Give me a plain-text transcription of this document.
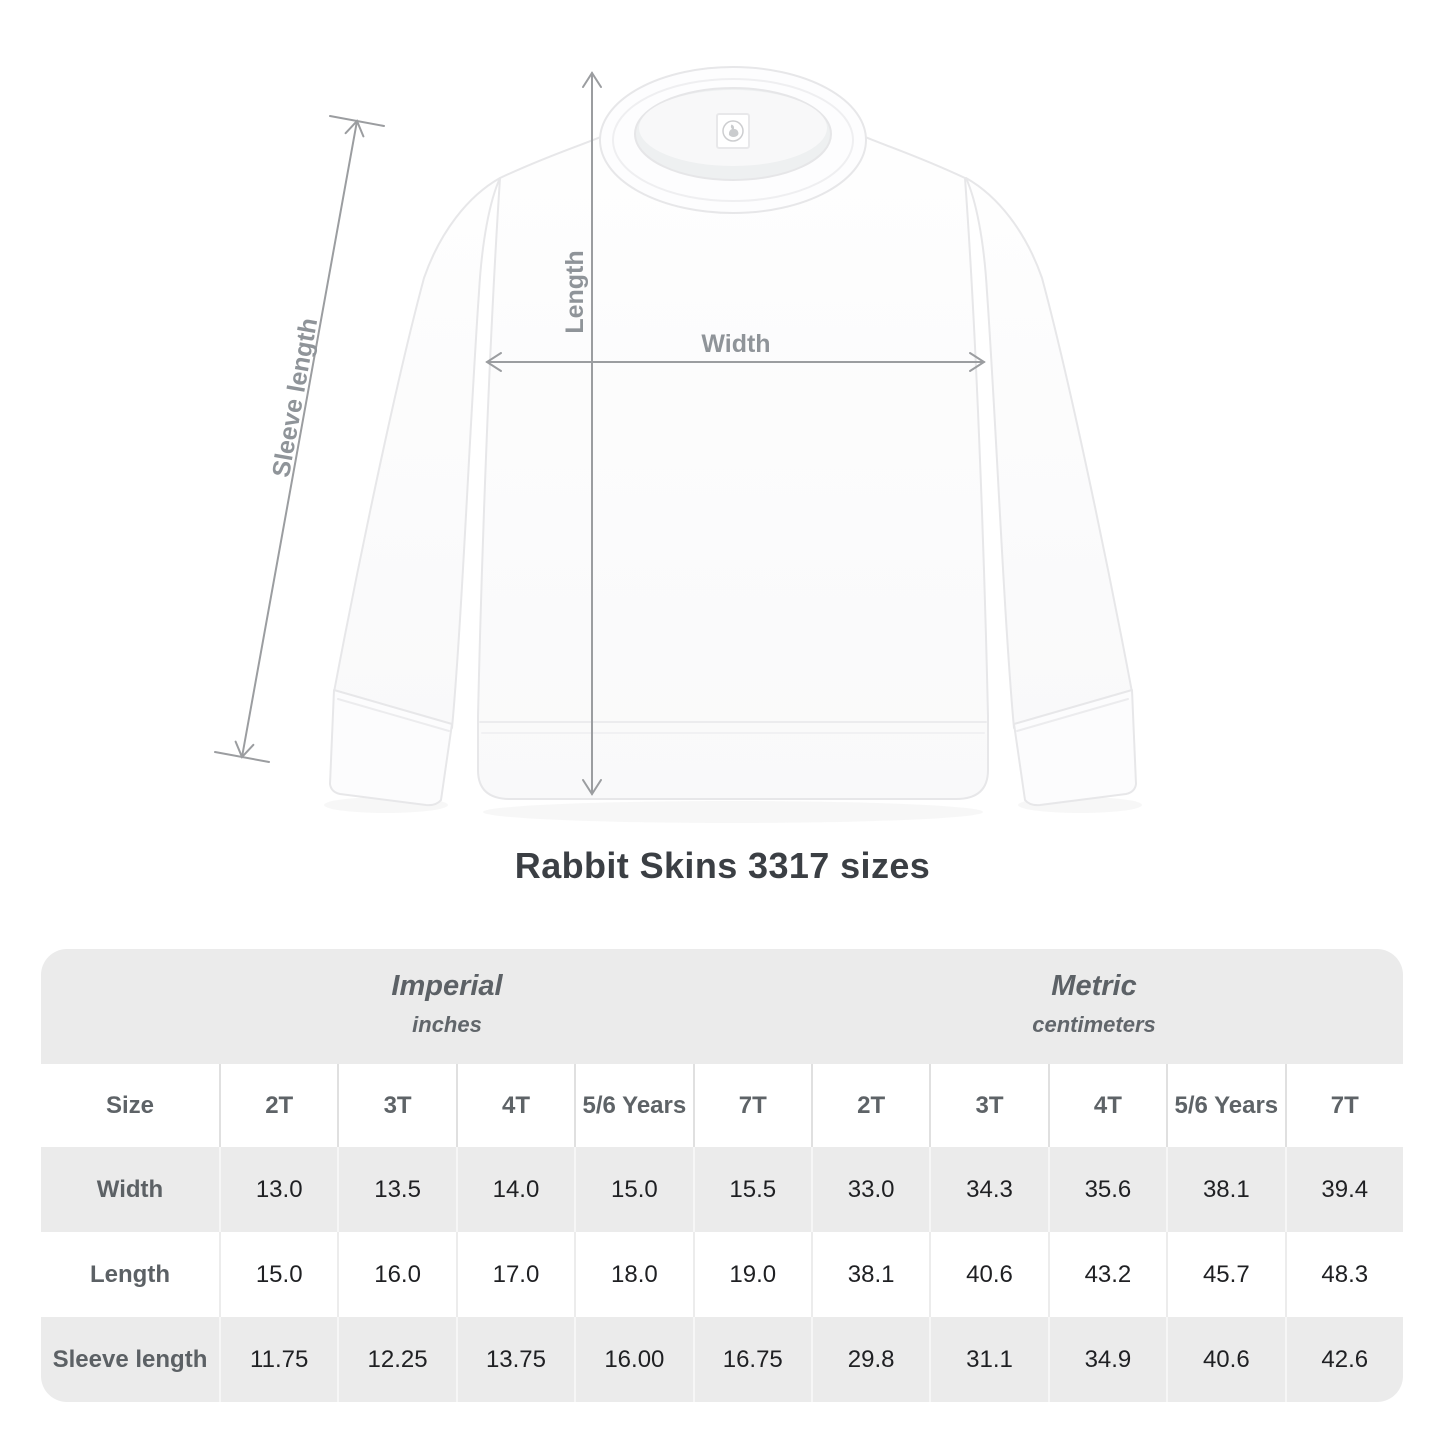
Width
Length
Sleeve length
Rabbit Skins 3317 sizes
Imperial
inches
Metric
centimeters										

Size	2T	3T	4T	5/6 Years	7T	2T	3T	4T	5/6 Years	7T
Width	13.0	13.5	14.0	15.0	15.5	33.0	34.3	35.6	38.1	39.4
Length	15.0	16.0	17.0	18.0	19.0	38.1	40.6	43.2	45.7	48.3
Sleeve length	11.75	12.25	13.75	16.00	16.75	29.8	31.1	34.9	40.6	42.6
